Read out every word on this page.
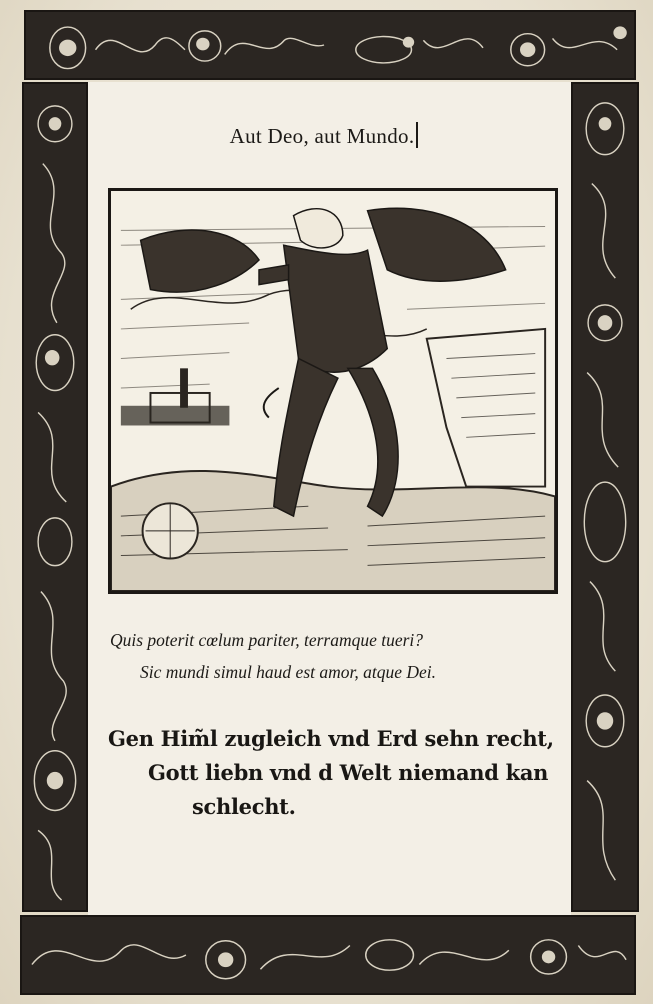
Aut Deo, aut Mundo.
Quis poterit cœlum pariter, terramque tueri?
Sic mundi simul haud est amor, atque Dei.
Gen Him̃l zugleich vnd Erd sehn recht,
Gott liebn vnd d Welt niemand kan
schlecht.
